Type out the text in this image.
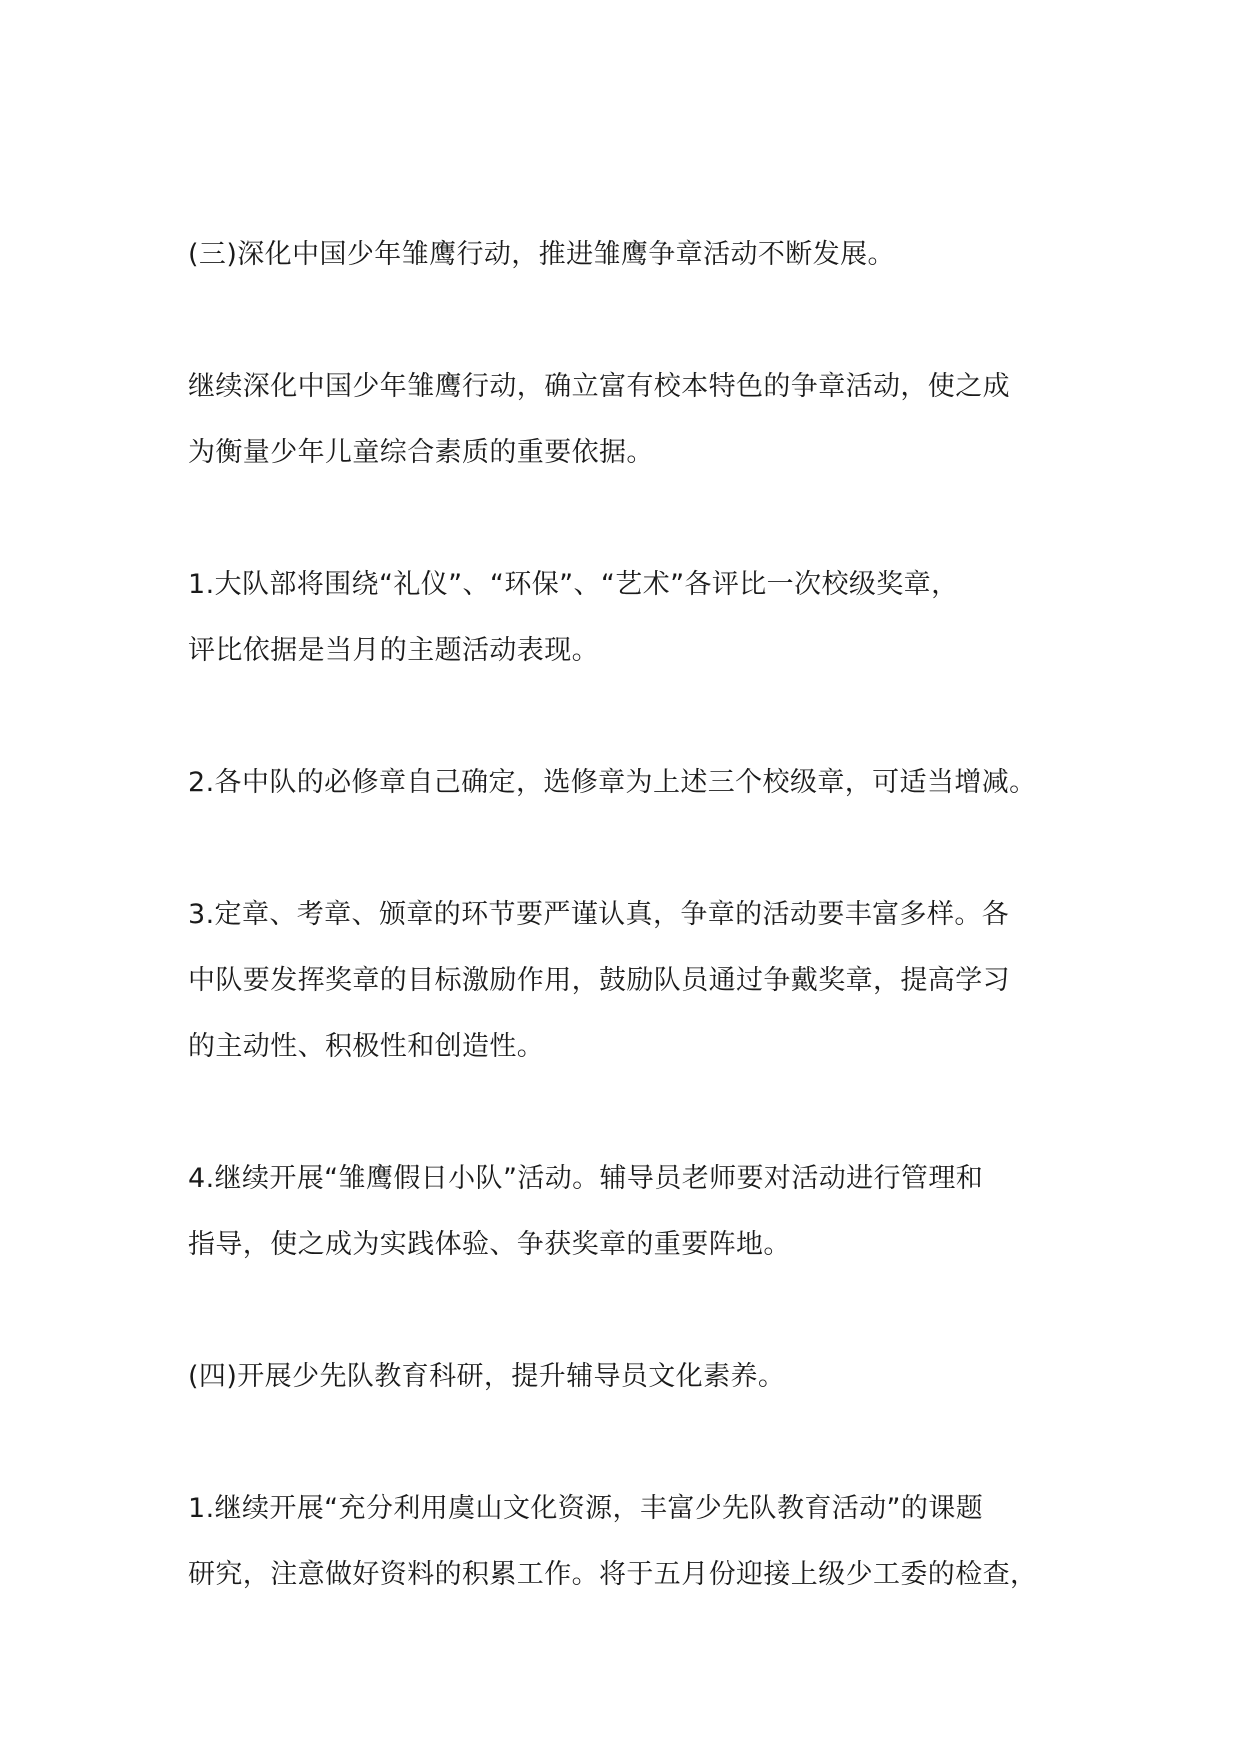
(三)深化中国少年雏鹰行动，推进雏鹰争章活动不断发展。

继续深化中国少年雏鹰行动，确立富有校本特色的争章活动，使之成
为衡量少年儿童综合素质的重要依据。

1.大队部将围绕“礼仪”、“环保”、“艺术”各评比一次校级奖章，
评比依据是当月的主题活动表现。

2.各中队的必修章自己确定，选修章为上述三个校级章，可适当增减。

3.定章、考章、颁章的环节要严谨认真，争章的活动要丰富多样。各
中队要发挥奖章的目标激励作用，鼓励队员通过争戴奖章，提高学习
的主动性、积极性和创造性。

4.继续开展“雏鹰假日小队”活动。辅导员老师要对活动进行管理和
指导，使之成为实践体验、争获奖章的重要阵地。

(四)开展少先队教育科研，提升辅导员文化素养。

1.继续开展“充分利用虞山文化资源，丰富少先队教育活动”的课题
研究，注意做好资料的积累工作。将于五月份迎接上级少工委的检查，
